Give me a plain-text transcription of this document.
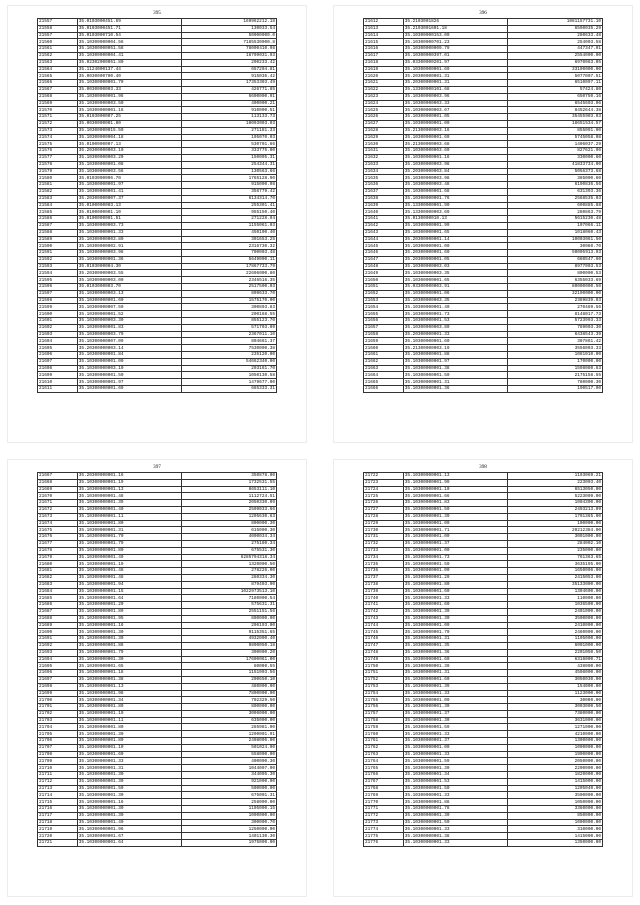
395
21557	35.0103000451.69	169962212.18
21558	35.0103000451.71	130033.54
21557	35.0103000710.54	50000000.0
21560	35.10300000004.56	7185530000.8
21561	35.10300000051.58	78000410.98
21562	35.10300000004.41	16709031.93
21563	35.02302000051.80	200233.42
21564	35.1124000137.44	657204.81
21565	35.0030000700.40	915036.42
21566	35.10300000001.70	17353303.49
21567	35.0030000003.33	426771.85
21568	35.10300000001.96	6600000.91
21569	35.10300000003.50	400000.21
21570	35.10300000001.16	910000.51
21571	35.0103000007.25	113133.73
21572	35.0030000001.80	10003003.03
21573	35.10300000015.50	271181.33
21574	35.10300000004.18	105070.03
21575	35.0100000007.13	530701.66
21576	35.20300000003.10	333775.00
21577	35.10300000003.20	150005.31
21578	35.10300000001.08	254344.31
21579	35.10300000003.56	130563.66
21580	35.0103000006.70	1765128.90
21581	35.10300000001.97	915000.08
21582	35.10300000001.41	356779.42
21583	35.20300000007.37	6134314.70
21584	35.0100000003.13	255301.41
21585	35.0100000001.10	955150.40
21586	35.0100000001.51	271228.94
21587	35.10300000003.73	1155061.03
21588	35.10300000001.33	450100.40
21589	35.10300000003.80	301653.25
21590	35.10300000002.91	2316730.32
21591	35.10300000003.98	700003.48
21592	35.10300000001.36	5649000.11
21593	35.0103000004.30	17867733.79
21594	35.20300000003.55	22606000.80
21595	35.10300000003.00	2346516.35
21596	35.0103000003.70	2517500.03
21597	35.10300000003.13	809633.70
21598	35.10300000001.60	1575170.00
21599	35.10300000007.50	300803.83
21600	35.10300000001.52	200168.55
21601	35.10300000003.30	855123.70
21602	35.10300000001.83	571703.09
21603	35.10300000003.79	2367011.10
21604	35.10300000007.09	804661.37
21605	35.20300000003.14	7530000.38
21606	35.10300000001.84	235120.00
21607	35.10300000001.00	54662340.00
21608	35.10300000003.10	203161.70
21609	35.10300000001.50	1050130.58
21610	35.10300000001.97	1479677.00
21611	35.10300000001.69	685333.31
396
21612	35.2103001826	1081157731.10
21613	35.2103001601.18	6590035.29
21614	35.10300000153.00	280633.48
21615	35.10300000701.23	254003.58
21616	35.10300000009.79	447347.01
21617	35.10300000397.01	2554000.00
21618	35.03300000201.97	6970083.05
21619	35.10300000001.69	33190000.00
21620	35.20300000001.31	5077007.51
21621	35.20300000001.31	6510097.11
21622	35.13300000101.68	57424.80
21623	35.10300000003.96	650750.16
21624	35.10300000003.33	6545603.06
21625	35.10300000003.67	8452644.38
21626	35.10300000001.05	35455903.03
21627	35.10300000001.00	18651534.57
21628	35.21300000003.16	855091.00
21629	35.10300000001.69	5745058.08
21630	35.21300000003.68	1406037.29
21631	35.10300000003.60	827621.90
21632	35.10300000001.16	330000.60
21633	35.10300000003.98	41833734.00
21634	35.20300000003.84	5056373.68
21635	35.10300000003.98	365000.60
21636	35.10300000003.48	6190836.56
21637	35.10300000001.68	631393.36
21638	35.10300000001.76	2568535.03
21639	35.13300000001.90	690885.88
21640	35.13300000003.69	280863.79
21641	35.0130000010.13	5615230.48
21642	35.10300000001.99	107066.11
21643	35.10300000001.65	1018060.43
21644	35.20300000001.14	10003061.50
21645	35.10300000001.00	30960.70
21646	35.20300000001.60	50005913.93
21647	35.20300000001.05	660547.60
21648	35.10300000003.03	8977003.53
21649	35.10300000003.35	800000.53
21650	35.10300000001.65	6355033.69
21651	35.03300000003.91	80000000.50
21652	35.10300000001.06	32190000.00
21653	35.10300000003.35	2389839.03
21654	35.10300000001.40	270489.56
21655	35.10300000001.73	8148017.73
21656	35.10300000001.53	5723993.33
21657	35.10300000003.80	789003.30
21658	35.20300000001.33	6438543.39
21659	35.10300000001.60	307861.42
21660	35.21300000003.19	3556003.33
21661	35.10300000001.88	1081010.00
21662	35.10300000001.97	170000.00
21663	35.10300000001.38	1598080.63
21664	35.10300000001.50	2175158.55
21665	35.10300000001.31	780000.30
21666	35.10300000001.36	190517.90
397
21667	35.20300000001.16	350878.00
21668	35.10300000001.19	1732531.55
21669	35.10300000001.13	8653111.10
21670	35.10300000001.48	1112724.51
21671	35.10300000001.39	2050330.09
21672	35.10300000001.40	2509033.66
21673	35.10300000001.11	1205630.63
21674	35.10300000001.80	800000.30
21675	35.10300000001.31	615000.30
21676	35.10300000001.70	4000034.34
21677	35.10300000001.79	275180.34
21678	35.10300000001.80	675531.30
21679	35.10300000001.49	6285794318.34
21680	35.10300000001.19	1320000.50
21681	35.10300000001.48	278226.00
21682	35.10300000001.48	280334.30
21683	35.10300000001.94	879403.00
21684	35.10300000001.15	1022973513.10
21685	35.10300000001.64	7180000.54
21686	35.10300000001.20	575631.31
21687	35.10300000001.89	2551151.56
21688	35.10300000001.95	800000.00
21689	35.10300000001.16	206193.00
21690	35.10300000001.30	9115351.65
21691	35.10300000001.30	4932000.40
21692	35.10300000001.88	9800050.18
21693	35.10300000001.79	300000.20
21694	35.10300000001.30	17600061.00
21695	35.10300000001.65	80000.55
21696	35.10300000001.18	1151003.56
21697	35.10300000001.38	200650.10
21698	35.10300000001.13	480000.00
21699	35.10300000001.98	7800000.00
21700	35.10300000001.34	702329.50
21701	35.10300000001.80	800000.00
21702	35.10300000001.19	3006000.00
21703	35.10300000001.11	635000.00
21704	35.10300000001.80	285981.00
21705	35.10300000001.30	1290001.91
21706	35.10300000001.80	2408006.00
21707	35.10300000001.10	501024.00
21708	35.10300000001.60	558000.00
21709	35.10300000001.33	400000.30
21710	35.10300000001.31	1044007.00
21711	35.10300000001.30	344005.30
21712	35.10300000001.30	921000.00
21713	35.10300000001.50	500000.00
21714	35.10300000001.30	675001.31
21715	35.10300000001.16	258000.00
21716	35.10300000001.30	1105000.15
21717	35.10300000001.30	1000000.00
21718	35.10300000001.40	300000.70
21719	35.10300000001.96	1250000.00
21720	35.10300000001.67	1401130.30
21721	35.10300000001.64	1975000.00
398
21722	35.10300000001.13	1193069.21
21723	35.10300000001.99	223003.40
21724	35.10300000001.10	6513050.00
21725	35.10300000001.66	5223009.00
21726	35.10300000001.83	1004300.00
21727	35.10300000001.50	2493213.09
21728	35.10300000001.30	1791365.00
21729	35.10300000001.00	100000.00
21730	35.10300000001.71	20212384.00
21731	35.10300000001.00	3001000.00
21732	35.10300000001.37	284002.10
21733	35.10300000001.00	235000.00
21734	35.10300000001.73	761363.65
21735	35.10300000001.50	3635195.00
21736	35.10300000001.00	1650006.00
21737	35.10300000001.20	2415053.00
21738	35.10300000001.80	35133000.00
21739	35.10300000001.60	1304600.00
21740	35.10300000001.33	110000.00
21741	35.10300000001.60	1036500.00
21742	35.10300000001.30	2401000.00
21743	35.10300000001.30	3500000.00
21744	35.10300000001.00	2410000.00
21745	35.10300000001.70	2460000.00
21746	35.10300000001.31	1105000.00
21747	35.10300000001.35	6001000.00
21748	35.10300000001.36	2201050.50
21749	35.10300000001.60	6316000.71
21750	35.10300000001.30	438000.00
21751	35.10300000001.31	4508000.00
21752	35.10300000001.60	3050030.00
21753	35.10300000001.39	154000.00
21754	35.10300000001.33	1123000.00
21755	35.10300000001.00	30000.00
21756	35.10300000001.30	3003000.50
21757	35.10300000001.37	7380000.00
21758	35.10300000001.30	3631000.00
21759	35.10300000001.59	1271000.00
21760	35.10300000001.33	4210000.00
21761	35.10300000001.37	1300000.00
21762	35.10300000001.00	1000000.00
21763	35.10300000001.33	1900000.00
21764	35.10300000001.59	2050000.00
21765	35.10300000001.30	2200000.00
21766	35.10300000001.34	1820000.00
21767	35.10300000001.53	1415000.00
21768	35.10300000001.50	1205040.00
21769	35.10300000001.33	3500000.00
21770	35.10300000001.88	1050000.00
21771	35.10300000001.78	3360000.00
21772	35.10300000001.30	850000.00
21773	35.10300000001.50	1000000.00
21774	35.10300000001.33	310000.00
21775	35.10300000001.38	1415000.00
21776	35.10300000001.33	1350000.00
